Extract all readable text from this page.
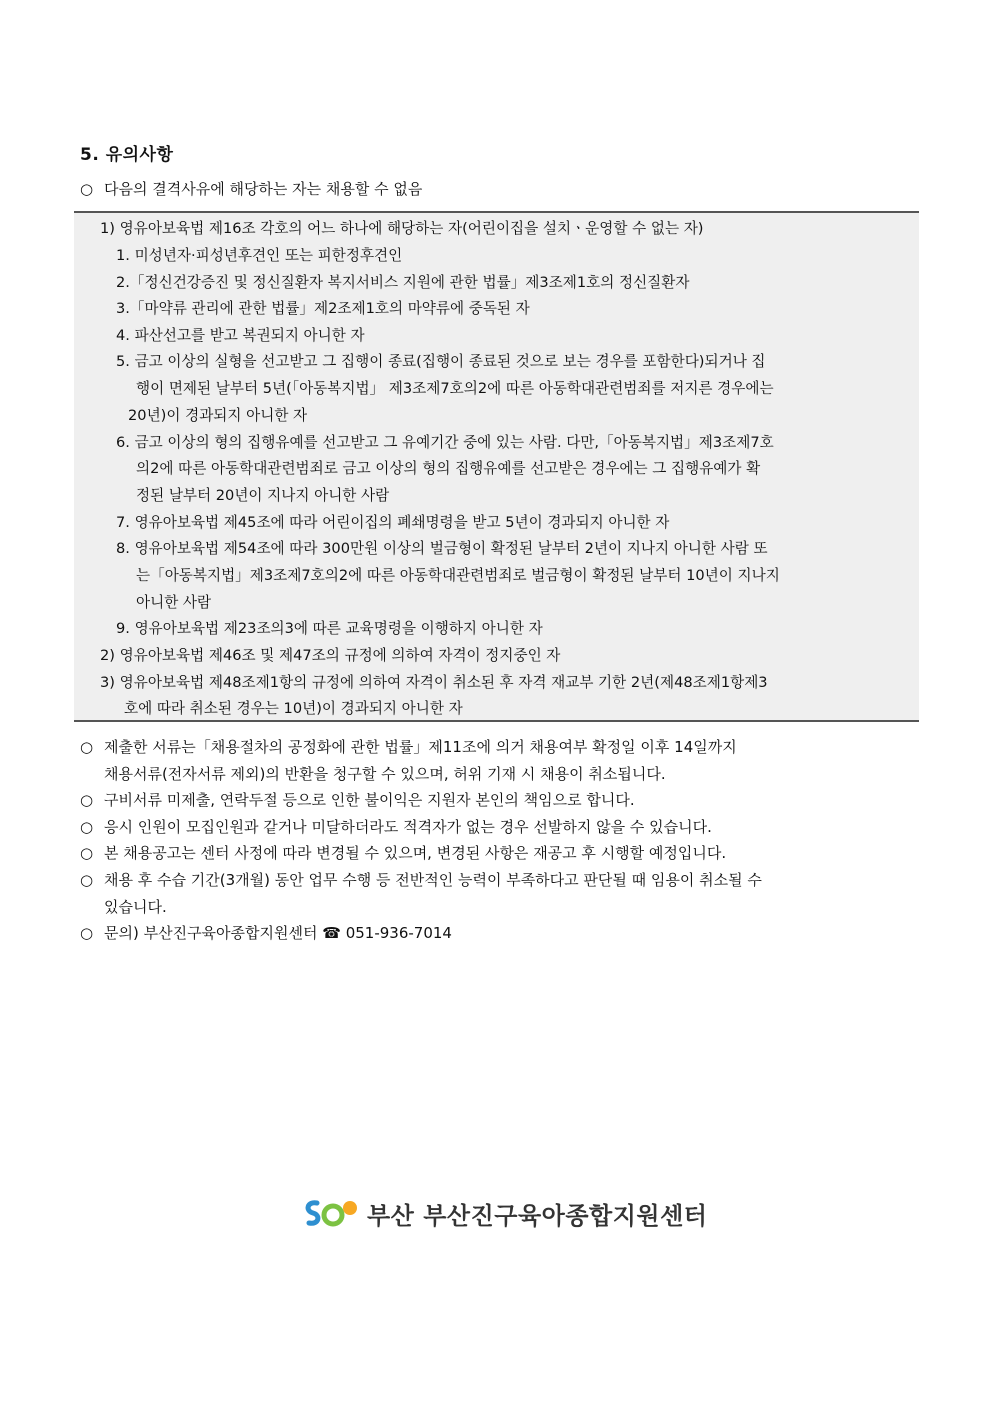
5. 유의사항
○ 다음의 결격사유에 해당하는 자는 채용할 수 없음
1) 영유아보육법 제16조 각호의 어느 하나에 해당하는 자(어린이집을 설치ㆍ운영할 수 없는 자)
1. 미성년자·피성년후견인 또는 피한정후견인
2.「정신건강증진 및 정신질환자 복지서비스 지원에 관한 법률」제3조제1호의 정신질환자
3.「마약류 관리에 관한 법률」제2조제1호의 마약류에 중독된 자
4. 파산선고를 받고 복권되지 아니한 자
5. 금고 이상의 실형을 선고받고 그 집행이 종료(집행이 종료된 것으로 보는 경우를 포함한다)되거나 집
행이 면제된 날부터 5년(「아동복지법」 제3조제7호의2에 따른 아동학대관련범죄를 저지른 경우에는
20년)이 경과되지 아니한 자
6. 금고 이상의 형의 집행유예를 선고받고 그 유예기간 중에 있는 사람. 다만,「아동복지법」제3조제7호
의2에 따른 아동학대관련범죄로 금고 이상의 형의 집행유예를 선고받은 경우에는 그 집행유예가 확
정된 날부터 20년이 지나지 아니한 사람
7. 영유아보육법 제45조에 따라 어린이집의 폐쇄명령을 받고 5년이 경과되지 아니한 자
8. 영유아보육법 제54조에 따라 300만원 이상의 벌금형이 확정된 날부터 2년이 지나지 아니한 사람 또
는「아동복지법」제3조제7호의2에 따른 아동학대관련범죄로 벌금형이 확정된 날부터 10년이 지나지
아니한 사람
9. 영유아보육법 제23조의3에 따른 교육명령을 이행하지 아니한 자
2) 영유아보육법 제46조 및 제47조의 규정에 의하여 자격이 정지중인 자
3) 영유아보육법 제48조제1항의 규정에 의하여 자격이 취소된 후 자격 재교부 기한 2년(제48조제1항제3
호에 따라 취소된 경우는 10년)이 경과되지 아니한 자
○ 제출한 서류는「채용절차의 공정화에 관한 법률」제11조에 의거 채용여부 확정일 이후 14일까지
채용서류(전자서류 제외)의 반환을 청구할 수 있으며, 허위 기재 시 채용이 취소됩니다.
○ 구비서류 미제출, 연락두절 등으로 인한 불이익은 지원자 본인의 책임으로 합니다.
○ 응시 인원이 모집인원과 같거나 미달하더라도 적격자가 없는 경우 선발하지 않을 수 있습니다.
○ 본 채용공고는 센터 사정에 따라 변경될 수 있으며, 변경된 사항은 재공고 후 시행할 예정입니다.
○ 채용 후 수습 기간(3개월) 동안 업무 수행 등 전반적인 능력이 부족하다고 판단될 때 임용이 취소될 수
있습니다.
○ 문의) 부산진구육아종합지원센터 ☎ 051-936-7014
부산 부산진구육아종합지원센터
